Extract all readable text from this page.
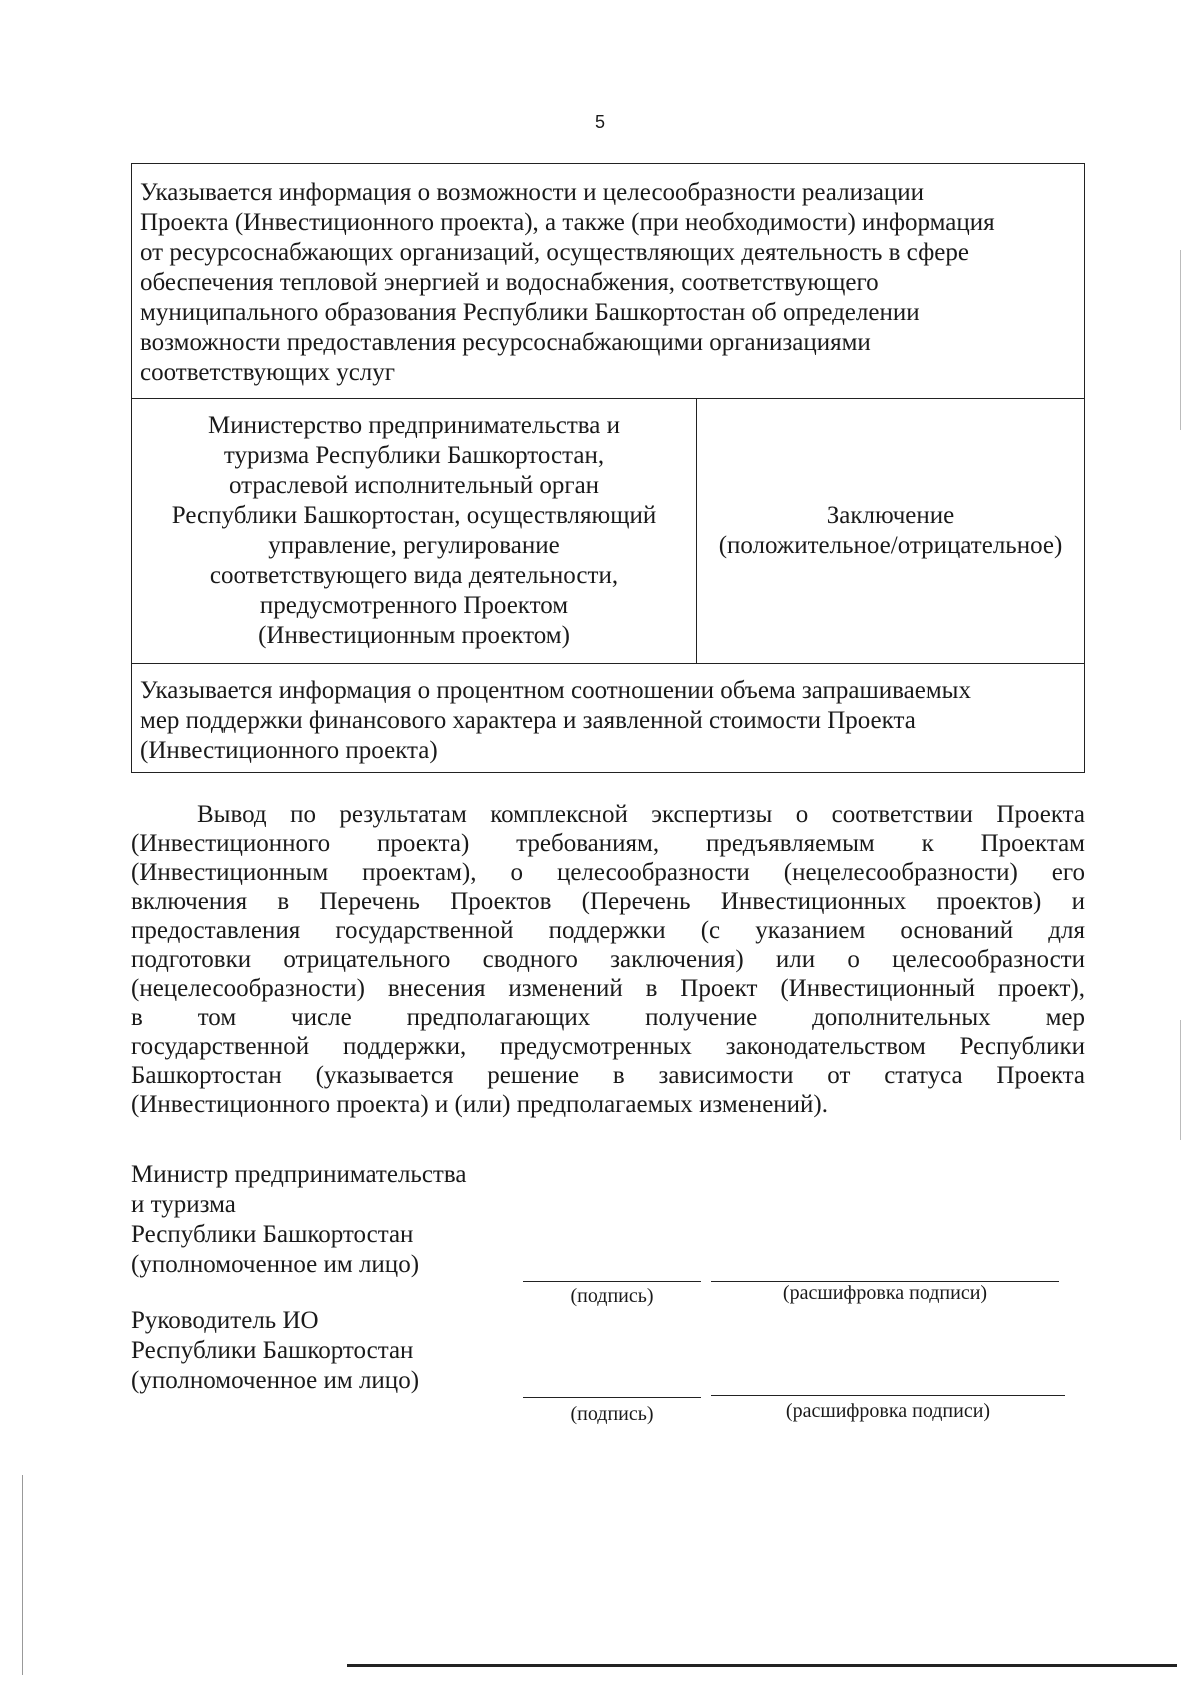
5
Указывается информация о возможности и целесообразности реализации
Проекта (Инвестиционного проекта), а также (при необходимости) информация
от ресурсоснабжающих организаций, осуществляющих деятельность в сфере
обеспечения тепловой энергией и водоснабжения, соответствующего
муниципального образования Республики Башкортостан об определении
возможности предоставления ресурсоснабжающими организациями
соответствующих услуг

Министерство предпринимательства и
туризма Республики Башкортостан,
отраслевой исполнительный орган
Республики Башкортостан, осуществляющий
управление, регулирование
соответствующего вида деятельности,
предусмотренного Проектом
(Инвестиционным проектом)

Заключение
(положительное/отрицательное)

Указывается информация о процентном соотношении объема запрашиваемых
мер поддержки финансового характера и заявленной стоимости Проекта
(Инвестиционного проекта)
Вывод по результатам комплексной экспертизы о соответствии Проекта
(Инвестиционного проекта) требованиям, предъявляемым к Проектам
(Инвестиционным проектам), о целесообразности (нецелесообразности) его
включения в Перечень Проектов (Перечень Инвестиционных проектов) и
предоставления государственной поддержки (с указанием оснований для
подготовки отрицательного сводного заключения) или о целесообразности
(нецелесообразности) внесения изменений в Проект (Инвестиционный проект),
в том числе предполагающих получение дополнительных мер
государственной поддержки, предусмотренных законодательством Республики
Башкортостан (указывается решение в зависимости от статуса Проекта
(Инвестиционного проекта) и (или) предполагаемых изменений).
Министр предпринимательства
и туризма
Республики Башкортостан
(уполномоченное им лицо)
(подпись)	(расшифровка подписи)
Руководитель ИО
Республики Башкортостан
(уполномоченное им лицо)
(подпись)	(расшифровка подписи)
